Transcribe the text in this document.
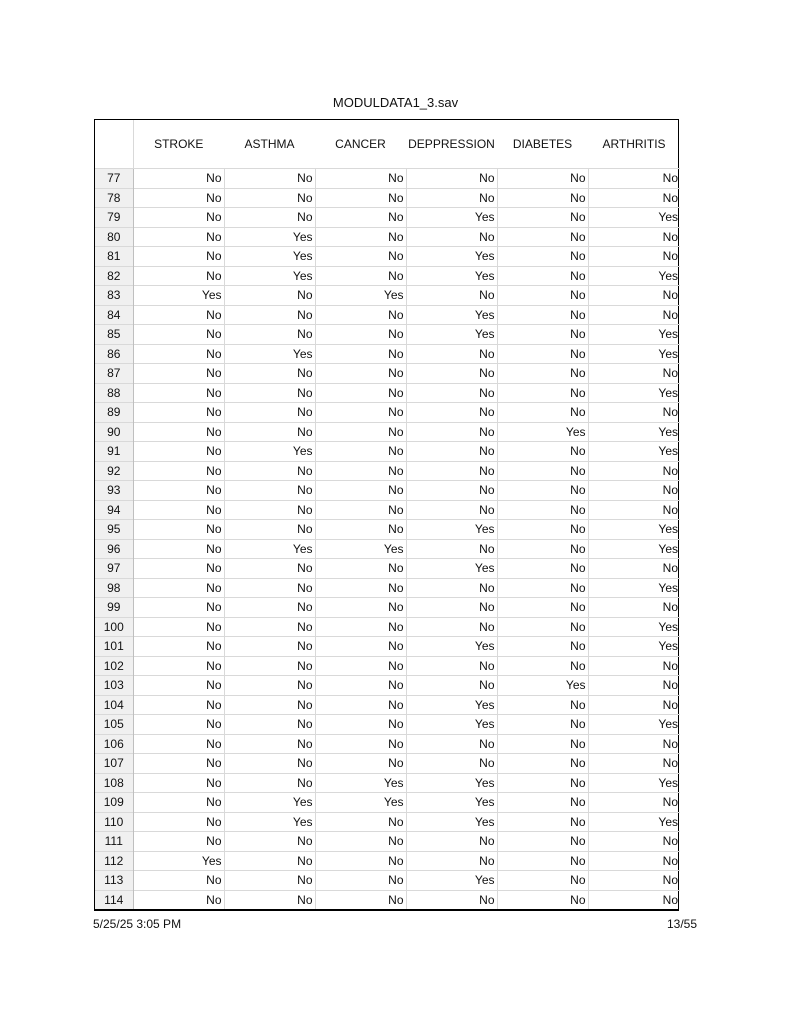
MODULDATA1_3.sav
	STROKE	ASTHMA	CANCER	DEPPRESSION	DIABETES	ARTHRITIS
77	No	No	No	No	No	No
78	No	No	No	No	No	No
79	No	No	No	Yes	No	Yes
80	No	Yes	No	No	No	No
81	No	Yes	No	Yes	No	No
82	No	Yes	No	Yes	No	Yes
83	Yes	No	Yes	No	No	No
84	No	No	No	Yes	No	No
85	No	No	No	Yes	No	Yes
86	No	Yes	No	No	No	Yes
87	No	No	No	No	No	No
88	No	No	No	No	No	Yes
89	No	No	No	No	No	No
90	No	No	No	No	Yes	Yes
91	No	Yes	No	No	No	Yes
92	No	No	No	No	No	No
93	No	No	No	No	No	No
94	No	No	No	No	No	No
95	No	No	No	Yes	No	Yes
96	No	Yes	Yes	No	No	Yes
97	No	No	No	Yes	No	No
98	No	No	No	No	No	Yes
99	No	No	No	No	No	No
100	No	No	No	No	No	Yes
101	No	No	No	Yes	No	Yes
102	No	No	No	No	No	No
103	No	No	No	No	Yes	No
104	No	No	No	Yes	No	No
105	No	No	No	Yes	No	Yes
106	No	No	No	No	No	No
107	No	No	No	No	No	No
108	No	No	Yes	Yes	No	Yes
109	No	Yes	Yes	Yes	No	No
110	No	Yes	No	Yes	No	Yes
111	No	No	No	No	No	No
112	Yes	No	No	No	No	No
113	No	No	No	Yes	No	No
114	No	No	No	No	No	No
5/25/25 3:05 PM	13/55
